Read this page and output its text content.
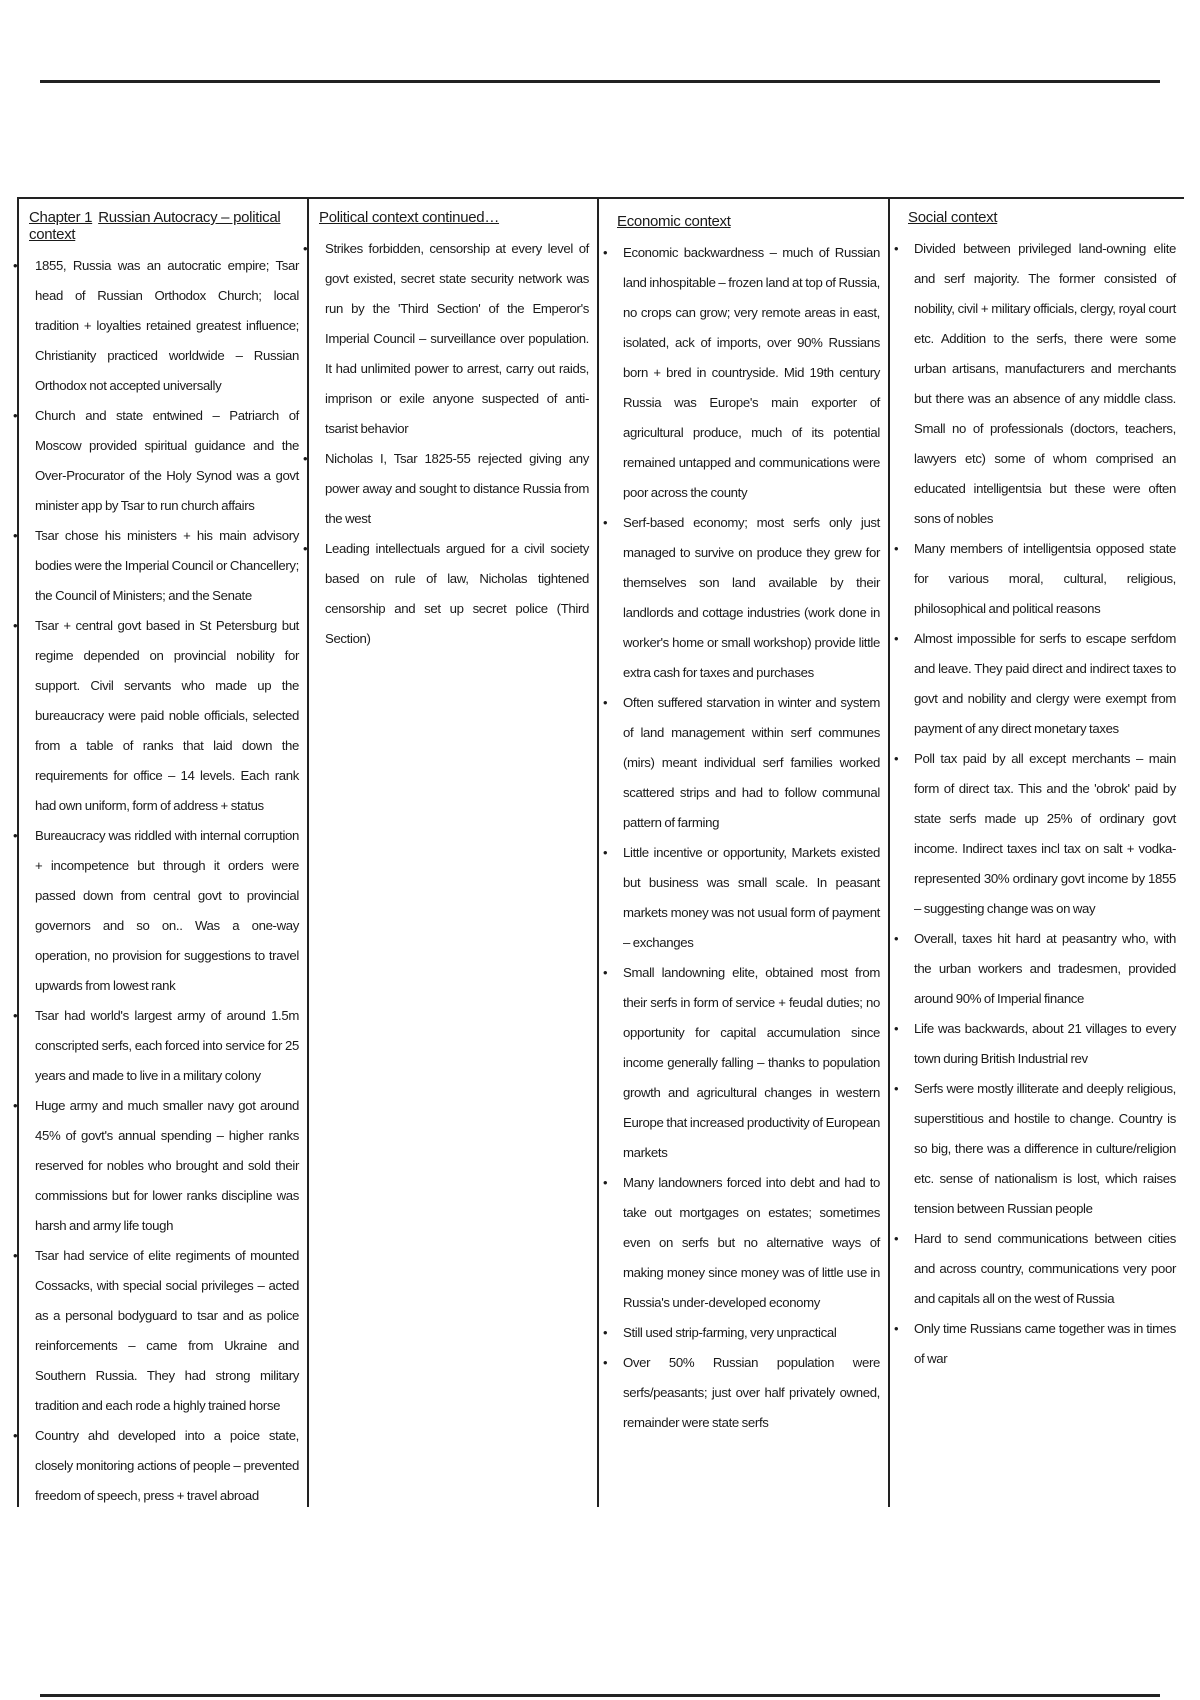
Chapter 1 Russian Autocracy – political context
• 1855, Russia was an autocratic empire; Tsar head of Russian Orthodox Church; local tradition + loyalties retained greatest influence; Christianity practiced worldwide – Russian Orthodox not accepted universally
• Church and state entwined – Patriarch of Moscow provided spiritual guidance and the Over-Procurator of the Holy Synod was a govt minister app by Tsar to run church affairs
• Tsar chose his ministers + his main advisory bodies were the Imperial Council or Chancellery; the Council of Ministers; and the Senate
• Tsar + central govt based in St Petersburg but regime depended on provincial nobility for support. Civil servants who made up the bureaucracy were paid noble officials, selected from a table of ranks that laid down the requirements for office – 14 levels. Each rank had own uniform, form of address + status
• Bureaucracy was riddled with internal corruption + incompetence but through it orders were passed down from central govt to provincial governors and so on.. Was a one-way operation, no provision for suggestions to travel upwards from lowest rank
• Tsar had world's largest army of around 1.5m conscripted serfs, each forced into service for 25 years and made to live in a military colony
• Huge army and much smaller navy got around 45% of govt's annual spending – higher ranks reserved for nobles who brought and sold their commissions but for lower ranks discipline was harsh and army life tough
• Tsar had service of elite regiments of mounted Cossacks, with special social privileges – acted as a personal bodyguard to tsar and as police reinforcements – came from Ukraine and Southern Russia. They had strong military tradition and each rode a highly trained horse
• Country ahd developed into a poice state, closely monitoring actions of people – prevented freedom of speech, press + travel abroad
Political context continued…
• Strikes forbidden, censorship at every level of govt existed, secret state security network was run by the 'Third Section' of the Emperor's Imperial Council – surveillance over population. It had unlimited power to arrest, carry out raids, imprison or exile anyone suspected of anti-tsarist behavior
• Nicholas I, Tsar 1825-55 rejected giving any power away and sought to distance Russia from the west
• Leading intellectuals argued for a civil society based on rule of law, Nicholas tightened censorship and set up secret police (Third Section)
Economic context
• Economic backwardness – much of Russian land inhospitable – frozen land at top of Russia, no crops can grow; very remote areas in east, isolated, ack of imports, over 90% Russians born + bred in countryside. Mid 19th century Russia was Europe's main exporter of agricultural produce, much of its potential remained untapped and communications were poor across the county
• Serf-based economy; most serfs only just managed to survive on produce they grew for themselves son land available by their landlords and cottage industries (work done in worker's home or small workshop) provide little extra cash for taxes and purchases
• Often suffered starvation in winter and system of land management within serf communes (mirs) meant individual serf families worked scattered strips and had to follow communal pattern of farming
• Little incentive or opportunity, Markets existed but business was small scale. In peasant markets money was not usual form of payment – exchanges
• Small landowning elite, obtained most from their serfs in form of service + feudal duties; no opportunity for capital accumulation since income generally falling – thanks to population growth and agricultural changes in western Europe that increased productivity of European markets
• Many landowners forced into debt and had to take out mortgages on estates; sometimes even on serfs but no alternative ways of making money since money was of little use in Russia's under-developed economy
• Still used strip-farming, very unpractical
• Over 50% Russian population were serfs/peasants; just over half privately owned, remainder were state serfs
Social context
• Divided between privileged land-owning elite and serf majority. The former consisted of nobility, civil + military officials, clergy, royal court etc. Addition to the serfs, there were some urban artisans, manufacturers and merchants but there was an absence of any middle class. Small no of professionals (doctors, teachers, lawyers etc) some of whom comprised an educated intelligentsia but these were often sons of nobles
• Many members of intelligentsia opposed state for various moral, cultural, religious, philosophical and political reasons
• Almost impossible for serfs to escape serfdom and leave. They paid direct and indirect taxes to govt and nobility and clergy were exempt from payment of any direct monetary taxes
• Poll tax paid by all except merchants – main form of direct tax. This and the 'obrok' paid by state serfs made up 25% of ordinary govt income. Indirect taxes incl tax on salt + vodka- represented 30% ordinary govt income by 1855 – suggesting change was on way
• Overall, taxes hit hard at peasantry who, with the urban workers and tradesmen, provided around 90% of Imperial finance
• Life was backwards, about 21 villages to every town during British Industrial rev
• Serfs were mostly illiterate and deeply religious, superstitious and hostile to change. Country is so big, there was a difference in culture/religion etc. sense of nationalism is lost, which raises tension between Russian people
• Hard to send communications between cities and across country, communications very poor and capitals all on the west of Russia
• Only time Russians came together was in times of war
